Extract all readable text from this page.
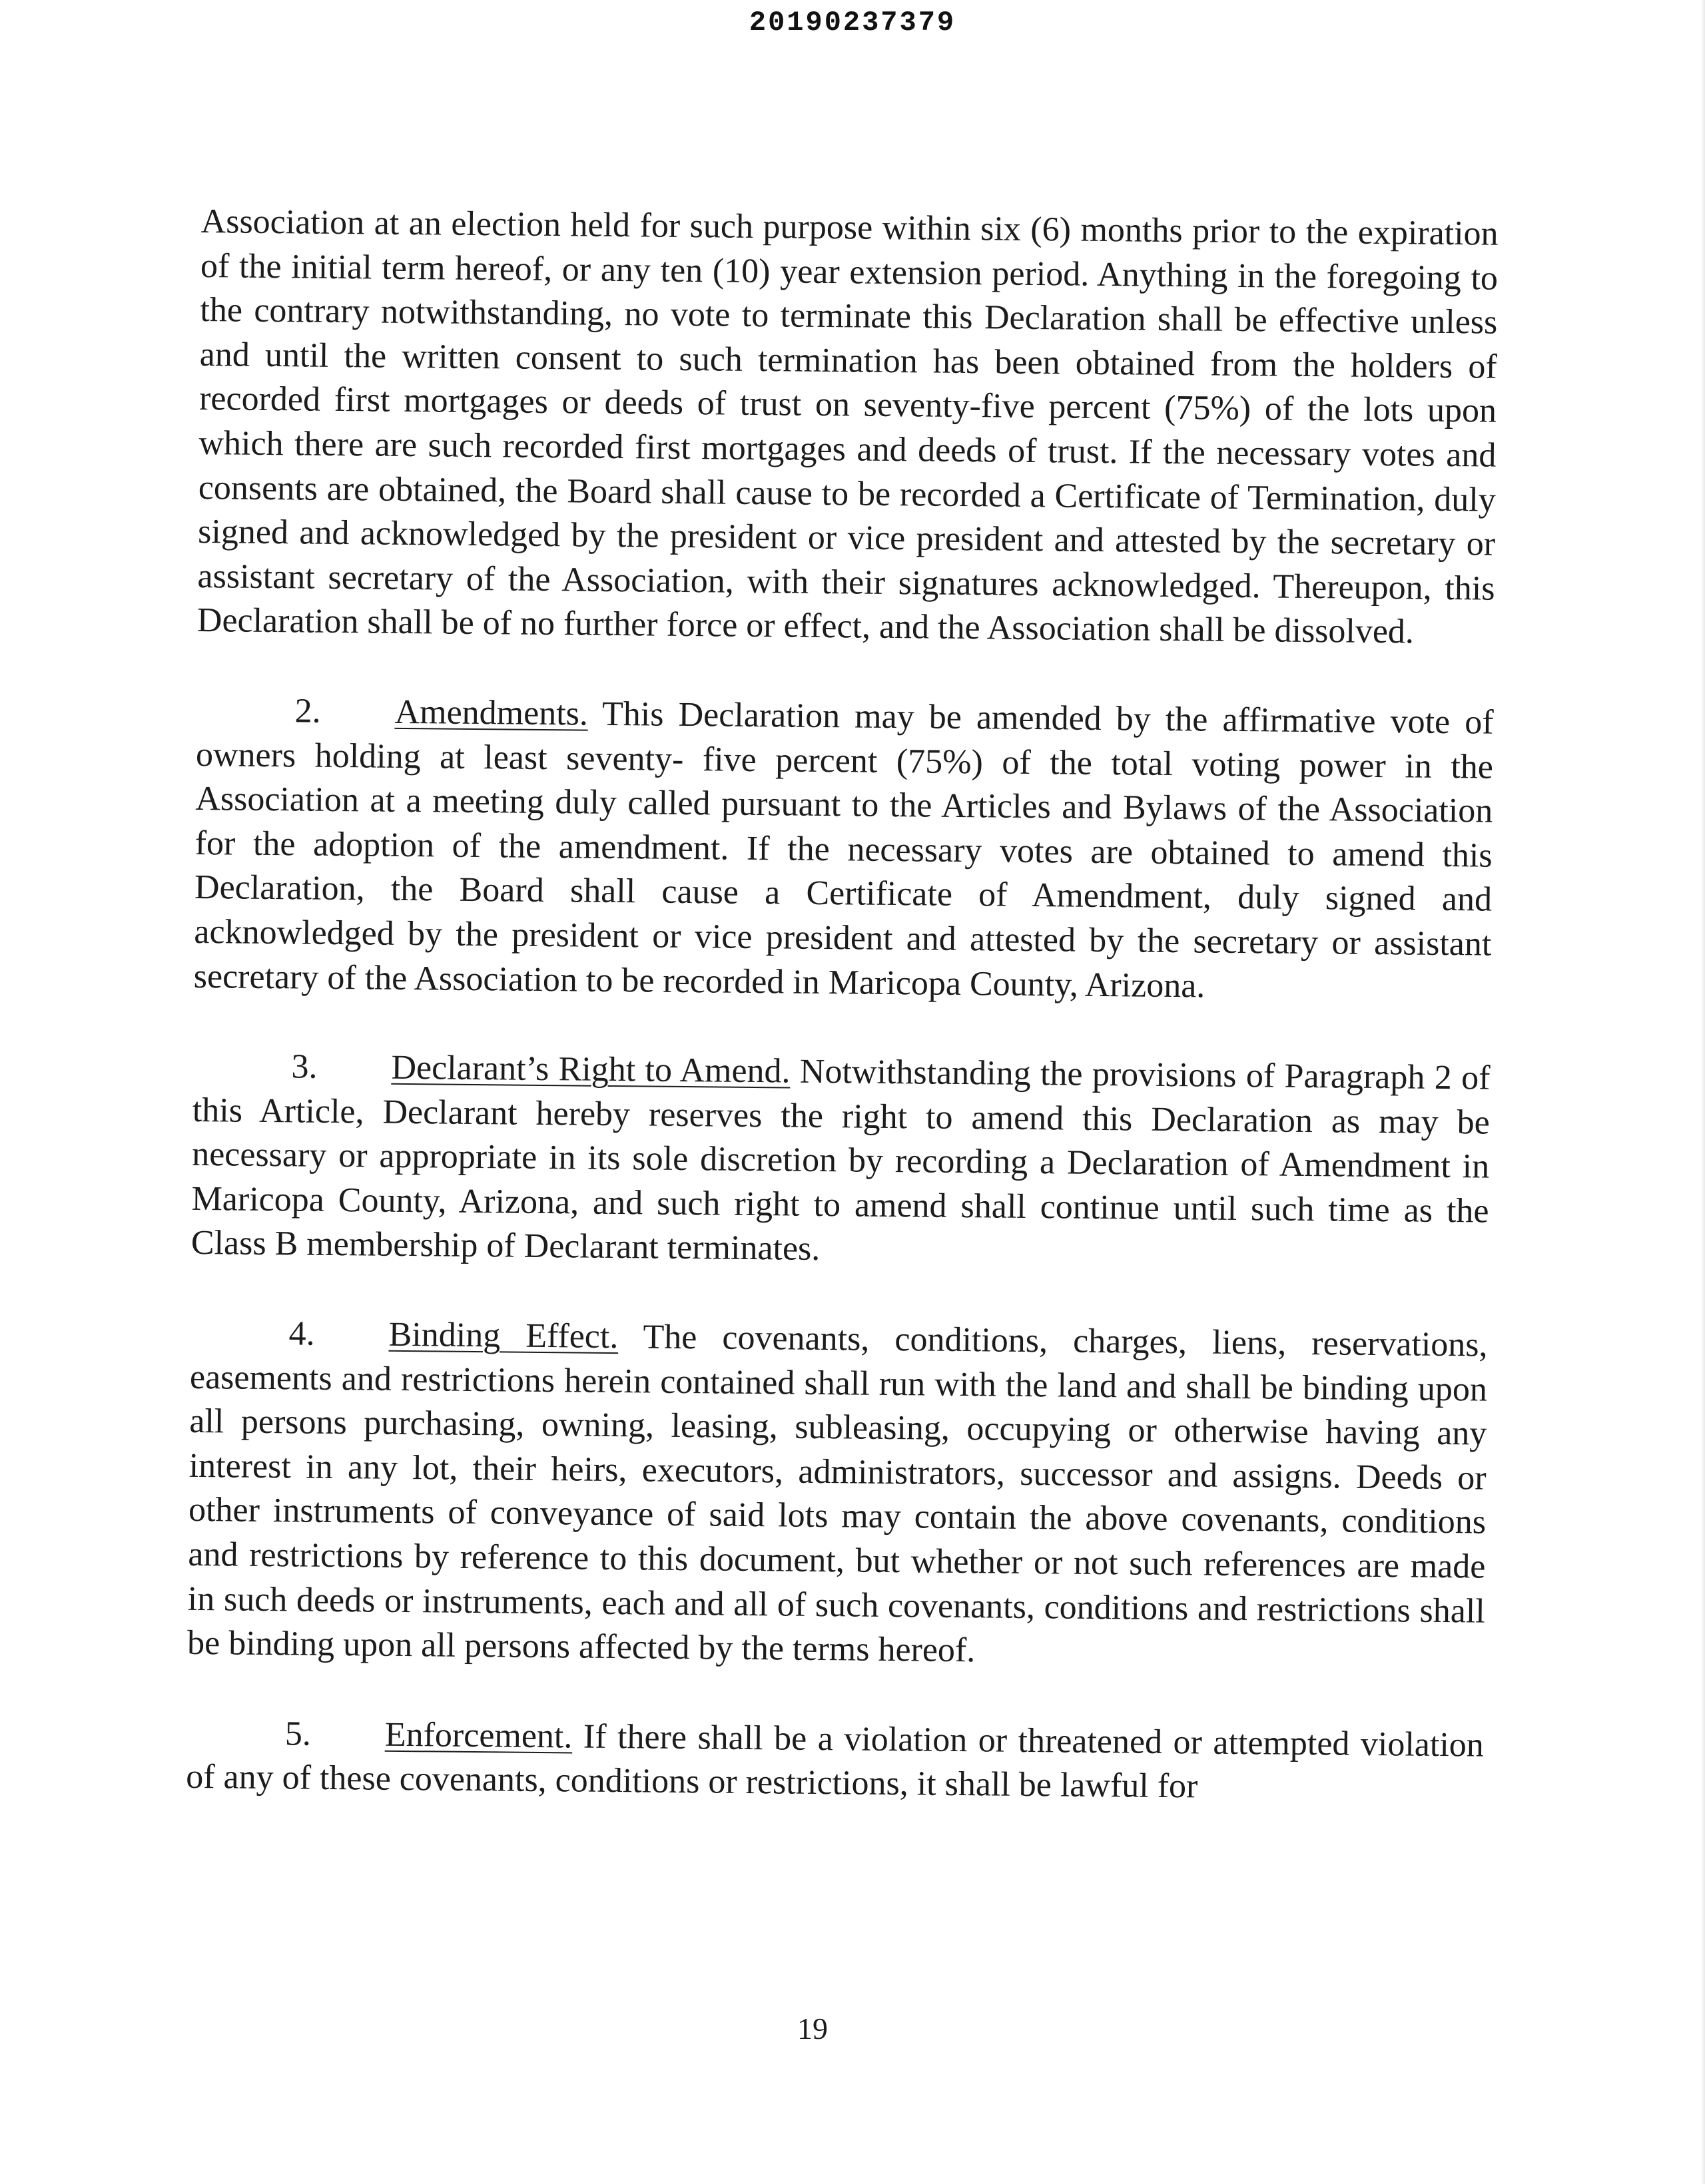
20190237379

Association at an election held for such purpose within six (6) months prior to the expiration of the initial term hereof, or any ten (10) year extension period. Anything in the foregoing to the contrary notwithstanding, no vote to terminate this Declaration shall be effective unless and until the written consent to such termination has been obtained from the holders of recorded first mortgages or deeds of trust on seventy-five percent (75%) of the lots upon which there are such recorded first mortgages and deeds of trust. If the necessary votes and consents are obtained, the Board shall cause to be recorded a Certificate of Termination, duly signed and acknowledged by the president or vice president and attested by the secretary or assistant secretary of the Association, with their signatures acknowledged. Thereupon, this Declaration shall be of no further force or effect, and the Association shall be dissolved.

2. Amendments. This Declaration may be amended by the affirmative vote of owners holding at least seventy- five percent (75%) of the total voting power in the Association at a meeting duly called pursuant to the Articles and Bylaws of the Association for the adoption of the amendment. If the necessary votes are obtained to amend this Declaration, the Board shall cause a Certificate of Amendment, duly signed and acknowledged by the president or vice president and attested by the secretary or assistant secretary of the Association to be recorded in Maricopa County, Arizona.

3. Declarant’s Right to Amend. Notwithstanding the provisions of Paragraph 2 of this Article, Declarant hereby reserves the right to amend this Declaration as may be necessary or appropriate in its sole discretion by recording a Declaration of Amendment in Maricopa County, Arizona, and such right to amend shall continue until such time as the Class B membership of Declarant terminates.

4. Binding Effect. The covenants, conditions, charges, liens, reservations, easements and restrictions herein contained shall run with the land and shall be binding upon all persons purchasing, owning, leasing, subleasing, occupying or otherwise having any interest in any lot, their heirs, executors, administrators, successor and assigns. Deeds or other instruments of conveyance of said lots may contain the above covenants, conditions and restrictions by reference to this document, but whether or not such references are made in such deeds or instruments, each and all of such covenants, conditions and restrictions shall be binding upon all persons affected by the terms hereof.

5. Enforcement. If there shall be a violation or threatened or attempted violation of any of these covenants, conditions or restrictions, it shall be lawful for

19
